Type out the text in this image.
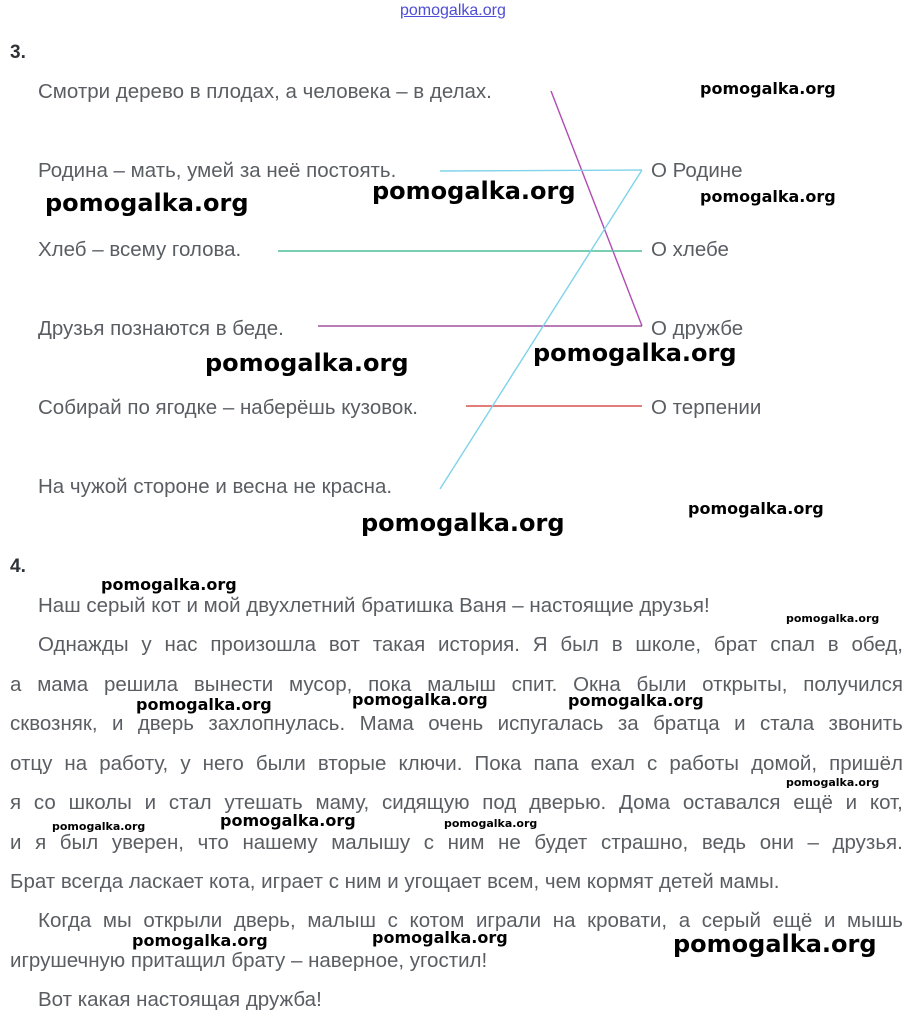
pomogalka.org
3.
Смотри дерево в плодах, а человека – в делах.
Родина – мать, умей за неё постоять.
Хлеб – всему голова.
Друзья познаются в беде.
Собирай по ягодке – наберёшь кузовок.
На чужой стороне и весна не красна.
О Родине
О хлебе
О дружбе
О терпении
4.
Наш серый кот и мой двухлетний братишка Ваня – настоящие друзья!
Однажды у нас произошла вот такая история. Я был в школе, брат спал в обед,
а мама решила вынести мусор, пока малыш спит. Окна были открыты, получился
сквозняк, и дверь захлопнулась. Мама очень испугалась за братца и стала звонить
отцу на работу, у него были вторые ключи. Пока папа ехал с работы домой, пришёл
я со школы и стал утешать маму, сидящую под дверью. Дома оставался ещё и кот,
и я был уверен, что нашему малышу с ним не будет страшно, ведь они – друзья.
Брат всегда ласкает кота, играет с ним и угощает всем, чем кормят детей мамы.
Когда мы открыли дверь, малыш с котом играли на кровати, а серый ещё и мышь
игрушечную притащил брату – наверное, угостил!
Вот какая настоящая дружба!
pomogalka.org
pomogalka.org
pomogalka.org
pomogalka.org
pomogalka.org
pomogalka.org
pomogalka.org
pomogalka.org
pomogalka.org
pomogalka.org
pomogalka.org	pomogalka.org	pomogalka.org
pomogalka.org
pomogalka.org	pomogalka.org	pomogalka.org
pomogalka.org	pomogalka.org	pomogalka.org
